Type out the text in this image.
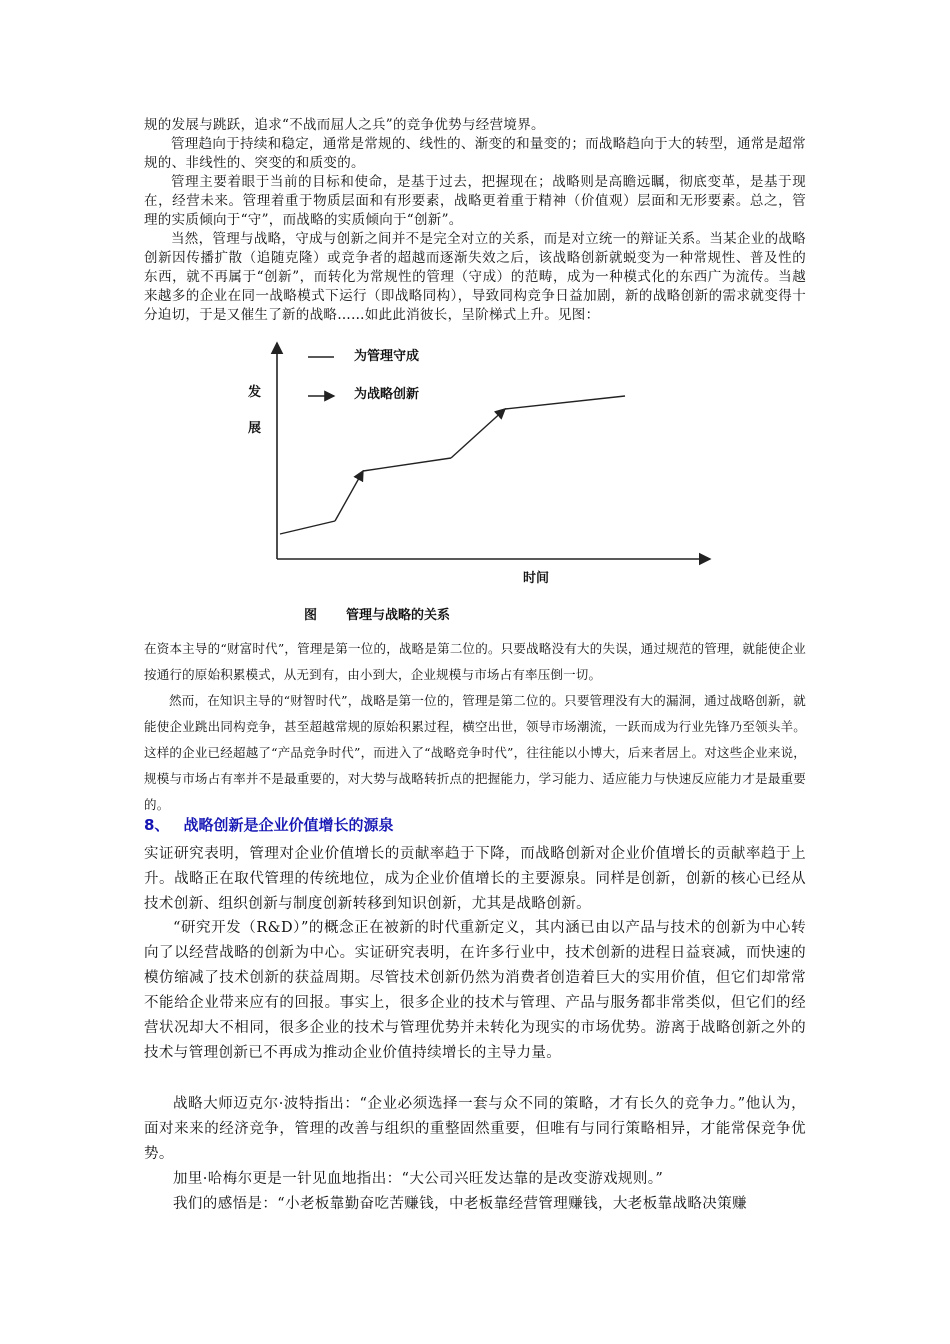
规的发展与跳跃，追求“不战而屈人之兵”的竞争优势与经营境界。

管理趋向于持续和稳定，通常是常规的、线性的、渐变的和量变的；而战略趋向于大的转型，通常是超常规的、非线性的、突变的和质变的。

管理主要着眼于当前的目标和使命，是基于过去，把握现在；战略则是高瞻远瞩，彻底变革，是基于现在，经营未来。管理着重于物质层面和有形要素，战略更着重于精神（价值观）层面和无形要素。总之，管理的实质倾向于“守”，而战略的实质倾向于“创新”。

当然，管理与战略，守成与创新之间并不是完全对立的关系，而是对立统一的辩证关系。当某企业的战略创新因传播扩散（追随克隆）或竞争者的超越而逐渐失效之后，该战略创新就蜕变为一种常规性、普及性的东西，就不再属于“创新”，而转化为常规性的管理（守成）的范畴，成为一种模式化的东西广为流传。当越来越多的企业在同一战略模式下运行（即战略同构），导致同构竞争日益加剧，新的战略创新的需求就变得十分迫切，于是又催生了新的战略……如此此消彼长，呈阶梯式上升。见图：

为管理守成
为战略创新
发
展
时间
图 管理与战略的关系

在资本主导的“财富时代”，管理是第一位的，战略是第二位的。只要战略没有大的失误，通过规范的管理，就能使企业按通行的原始积累模式，从无到有，由小到大，企业规模与市场占有率压倒一切。

然而，在知识主导的“财智时代”，战略是第一位的，管理是第二位的。只要管理没有大的漏洞，通过战略创新，就能使企业跳出同构竞争，甚至超越常规的原始积累过程，横空出世，领导市场潮流，一跃而成为行业先锋乃至领头羊。这样的企业已经超越了“产品竞争时代”，而进入了“战略竞争时代”，往往能以小博大，后来者居上。对这些企业来说，规模与市场占有率并不是最重要的，对大势与战略转折点的把握能力，学习能力、适应能力与快速反应能力才是最重要的。

8、 战略创新是企业价值增长的源泉

实证研究表明，管理对企业价值增长的贡献率趋于下降，而战略创新对企业价值增长的贡献率趋于上升。战略正在取代管理的传统地位，成为企业价值增长的主要源泉。同样是创新，创新的核心已经从技术创新、组织创新与制度创新转移到知识创新，尤其是战略创新。

“研究开发（R&D）”的概念正在被新的时代重新定义，其内涵已由以产品与技术的创新为中心转向了以经营战略的创新为中心。实证研究表明，在许多行业中，技术创新的进程日益衰减，而快速的模仿缩减了技术创新的获益周期。尽管技术创新仍然为消费者创造着巨大的实用价值，但它们却常常不能给企业带来应有的回报。事实上，很多企业的技术与管理、产品与服务都非常类似，但它们的经营状况却大不相同，很多企业的技术与管理优势并未转化为现实的市场优势。游离于战略创新之外的技术与管理创新已不再成为推动企业价值持续增长的主导力量。

战略大师迈克尔·波特指出：“企业必须选择一套与众不同的策略，才有长久的竞争力。”他认为，面对来来的经济竞争，管理的改善与组织的重整固然重要，但唯有与同行策略相异，才能常保竞争优势。

加里·哈梅尔更是一针见血地指出：“大公司兴旺发达靠的是改变游戏规则。”

我们的感悟是：“小老板靠勤奋吃苦赚钱，中老板靠经营管理赚钱，大老板靠战略决策赚
